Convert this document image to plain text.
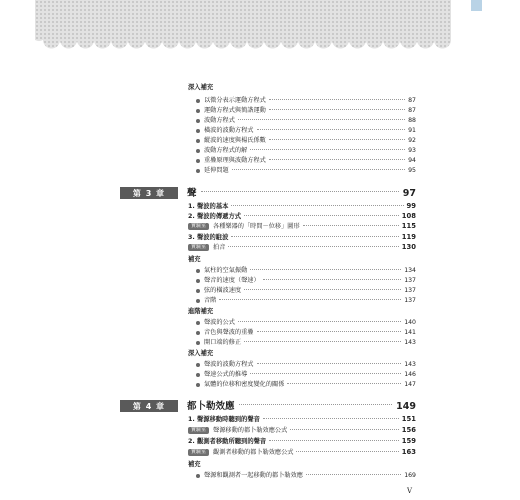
深入補充
以微分表示運動方程式	87
運動方程式與簡諧運動	87
波動方程式	88
橫波的波動方程式	91
縱波的速度與楊氏係數	92
波動方程式的解	93
重疊原理與波動方程式	94
延伸問題	95
第 3 章	聲	97
1. 聲波的基本	99
2. 聲波的傳遞方式	108
實驗室	各種樂器的「時間－位移」圖形	115
3. 聲波的駐波	119
實驗室	拍音	130
補充
氣柱的空氣振動	134
聲音的速度（聲速）	137
弦的橫波速度	137
音階	137
進階補充
聲波的公式	140
音色與聲波的重疊	141
開口端的修正	143
深入補充
聲波的波動方程式	143
聲速公式的推導	146
氣體的位移和密度變化的關係	147
第 4 章	都卜勒效應	149
1. 聲源移動時聽到的聲音	151
實驗室	聲源移動的都卜勒效應公式	156
2. 觀測者移動所聽到的聲音	159
實驗室	觀測者移動的都卜勒效應公式	163
補充
聲源和觀測者一起移動的都卜勒效應	169
V
